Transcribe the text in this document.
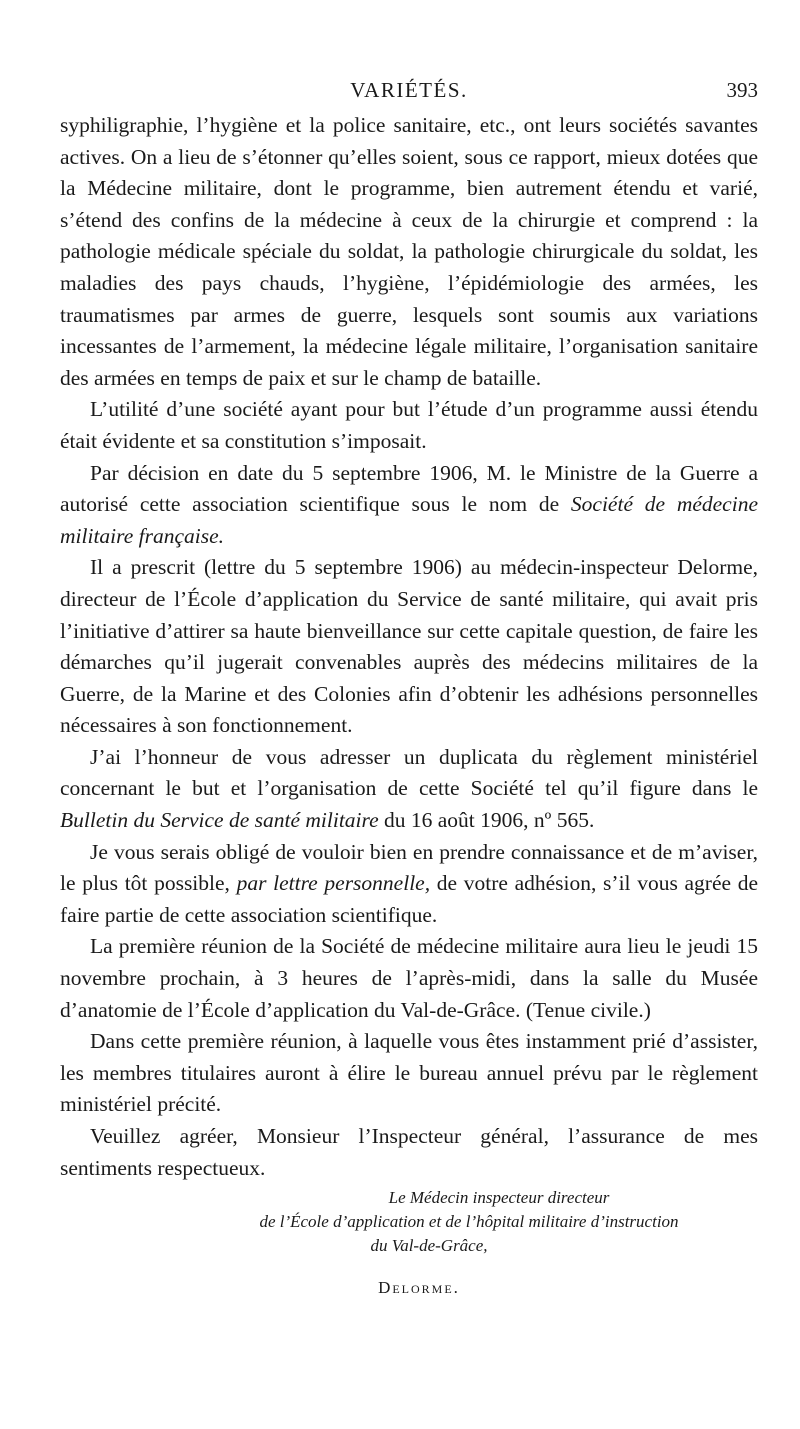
VARIÉTÉS.	393

syphiligraphie, l’hygiène et la police sanitaire, etc., ont leurs sociétés savantes actives. On a lieu de s’étonner qu’elles soient, sous ce rapport, mieux dotées que la Médecine militaire, dont le programme, bien autrement étendu et varié, s’étend des confins de la médecine à ceux de la chirurgie et comprend : la pathologie médicale spéciale du soldat, la pathologie chirurgicale du soldat, les maladies des pays chauds, l’hygiène, l’épidémiologie des armées, les traumatismes par armes de guerre, lesquels sont soumis aux variations incessantes de l’armement, la médecine légale militaire, l’organisation sanitaire des armées en temps de paix et sur le champ de bataille.

L’utilité d’une société ayant pour but l’étude d’un programme aussi étendu était évidente et sa constitution s’imposait.

Par décision en date du 5 septembre 1906, M. le Ministre de la Guerre a autorisé cette association scientifique sous le nom de Société de médecine militaire française.

Il a prescrit (lettre du 5 septembre 1906) au médecin-inspecteur Delorme, directeur de l’École d’application du Service de santé militaire, qui avait pris l’initiative d’attirer sa haute bienveillance sur cette capitale question, de faire les démarches qu’il jugerait convenables auprès des médecins militaires de la Guerre, de la Marine et des Colonies afin d’obtenir les adhésions personnelles nécessaires à son fonctionnement.

J’ai l’honneur de vous adresser un duplicata du règlement ministériel concernant le but et l’organisation de cette Société tel qu’il figure dans le Bulletin du Service de santé militaire du 16 août 1906, nº 565.

Je vous serais obligé de vouloir bien en prendre connaissance et de m’aviser, le plus tôt possible, par lettre personnelle, de votre adhésion, s’il vous agrée de faire partie de cette association scientifique.

La première réunion de la Société de médecine militaire aura lieu le jeudi 15 novembre prochain, à 3 heures de l’après-midi, dans la salle du Musée d’anatomie de l’École d’application du Val-de-Grâce. (Tenue civile.)

Dans cette première réunion, à laquelle vous êtes instamment prié d’assister, les membres titulaires auront à élire le bureau annuel prévu par le règlement ministériel précité.

Veuillez agréer, Monsieur l’Inspecteur général, l’assurance de mes sentiments respectueux.

Le Médecin inspecteur directeur
de l’École d’application et de l’hôpital militaire d’instruction
du Val-de-Grâce,
Delorme.
